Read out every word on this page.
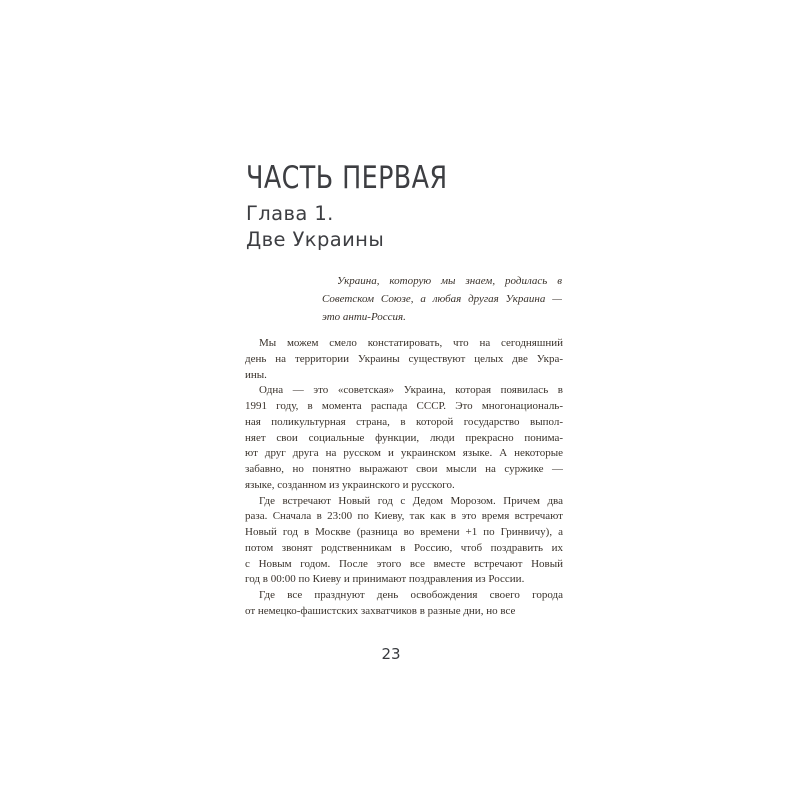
ЧАСТЬ ПЕРВАЯ
Глава 1.
Две Украины
Украина, которую мы знаем, родилась в
Советском Союзе, а любая другая Украина —
это анти-Россия.
Мы можем смело констатировать, что на сегодняшний
день на территории Украины существуют целых две Укра-
ины.
Одна — это «советская» Украина, которая появилась в
1991 году, в момента распада СССР. Это многонациональ-
ная поликультурная страна, в которой государство выпол-
няет свои социальные функции, люди прекрасно понима-
ют друг друга на русском и украинском языке. А некоторые
забавно, но понятно выражают свои мысли на суржике —
языке, созданном из украинского и русского.
Где встречают Новый год с Дедом Морозом. Причем два
раза. Сначала в 23:00 по Киеву, так как в это время встречают
Новый год в Москве (разница во времени +1 по Гринвичу), а
потом звонят родственникам в Россию, чтоб поздравить их
с Новым годом. После этого все вместе встречают Новый
год в 00:00 по Киеву и принимают поздравления из России.
Где все празднуют день освобождения своего города
от немецко-фашистских захватчиков в разные дни, но все
23
